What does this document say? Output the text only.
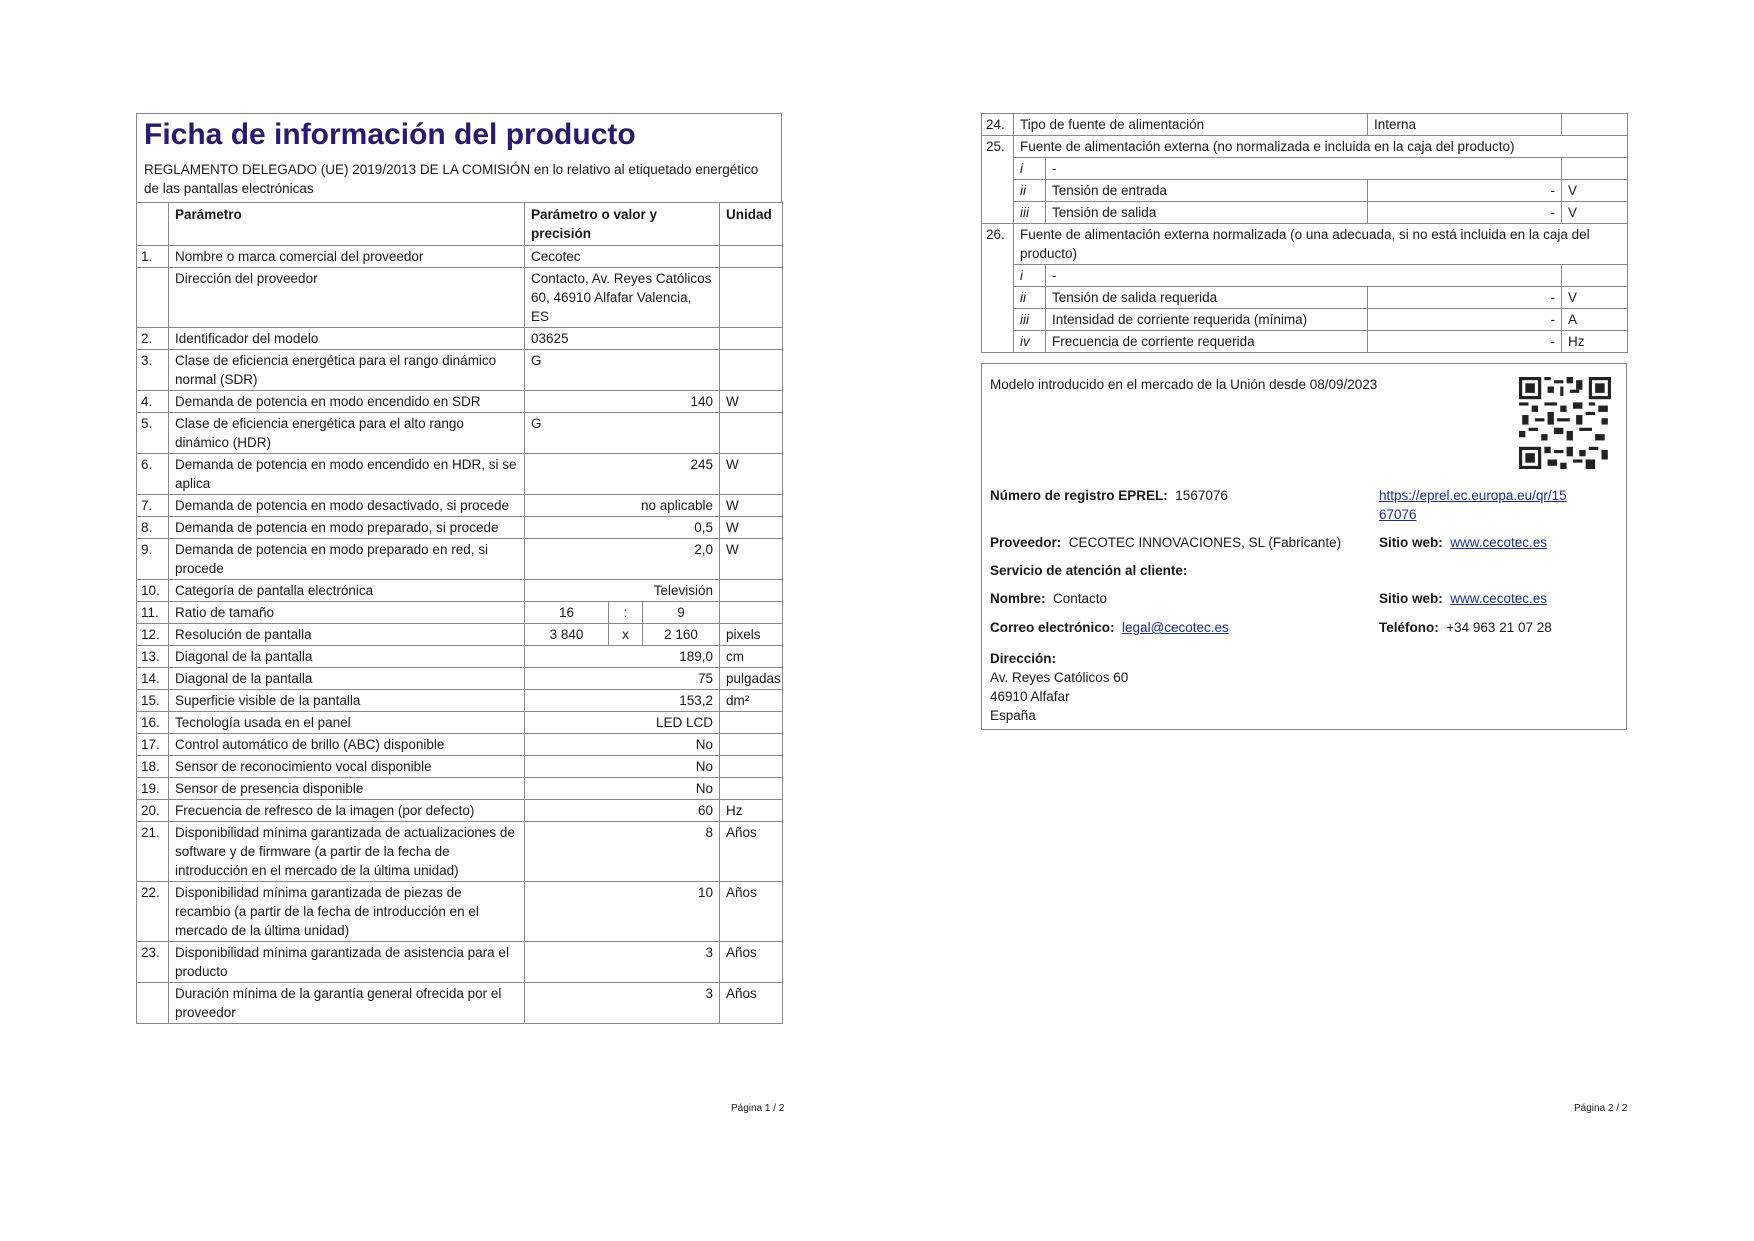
Ficha de información del producto

REGLAMENTO DELEGADO (UE) 2019/2013 DE LA COMISIÓN en lo relativo al etiquetado energético de las pantallas electrónicas

	Parámetro	Parámetro o valor y precisión			Unidad
1.	Nombre o marca comercial del proveedor	Cecotec			
	Dirección del proveedor	Contacto, Av. Reyes Católicos 60, 46910 Alfafar Valencia, ES			
2.	Identificador del modelo	03625			
3.	Clase de eficiencia energética para el rango dinámico normal (SDR)	G			
4.	Demanda de potencia en modo encendido en SDR	140			W
5.	Clase de eficiencia energética para el alto rango dinámico (HDR)	G			
6.	Demanda de potencia en modo encendido en HDR, si se aplica	245			W
7.	Demanda de potencia en modo desactivado, si procede	no aplicable			W
8.	Demanda de potencia en modo preparado, si procede	0,5			W
9.	Demanda de potencia en modo preparado en red, si procede	2,0			W
10.	Categoría de pantalla electrónica	Televisión			
11.	Ratio de tamaño	16	:	9	
12.	Resolución de pantalla	3 840	x	2 160	pixels
13.	Diagonal de la pantalla	189,0			cm
14.	Diagonal de la pantalla	75			pulgadas
15.	Superficie visible de la pantalla	153,2			dm²
16.	Tecnología usada en el panel	LED LCD			
17.	Control automático de brillo (ABC) disponible	No			
18.	Sensor de reconocimiento vocal disponible	No			
19.	Sensor de presencia disponible	No			
20.	Frecuencia de refresco de la imagen (por defecto)	60			Hz
21.	Disponibilidad mínima garantizada de actualizaciones de software y de firmware (a partir de la fecha de introducción en el mercado de la última unidad)	8			Años
22.	Disponibilidad mínima garantizada de piezas de recambio (a partir de la fecha de introducción en el mercado de la última unidad)	10			Años
23.	Disponibilidad mínima garantizada de asistencia para el producto	3			Años
	Duración mínima de la garantía general ofrecida por el proveedor	3			Años
Página 1 / 2
24.	Tipo de fuente de alimentación		Interna	
25.	Fuente de alimentación externa (no normalizada e incluida en la caja del producto)			
	i	-		
	ii	Tensión de entrada	-	V
	iii	Tensión de salida	-	V
26.	Fuente de alimentación externa normalizada (o una adecuada, si no está incluida en la caja del producto)			
	i	-		
	ii	Tensión de salida requerida	-	V
	iii	Intensidad de corriente requerida (mínima)	-	A
	iv	Frecuencia de corriente requerida	-	Hz
Modelo introducido en el mercado de la Unión desde 08/09/2023
Número de registro EPREL: 1567076	https://eprel.ec.europa.eu/qr/15
67076
Proveedor: CECOTEC INNOVACIONES, SL (Fabricante)	Sitio web: www.cecotec.es
Servicio de atención al cliente:
Nombre: Contacto	Sitio web: www.cecotec.es
Correo electrónico: legal@cecotec.es	Teléfono: +34 963 21 07 28
Dirección:
Av. Reyes Católicos 60
46910 Alfafar
España
Página 2 / 2
